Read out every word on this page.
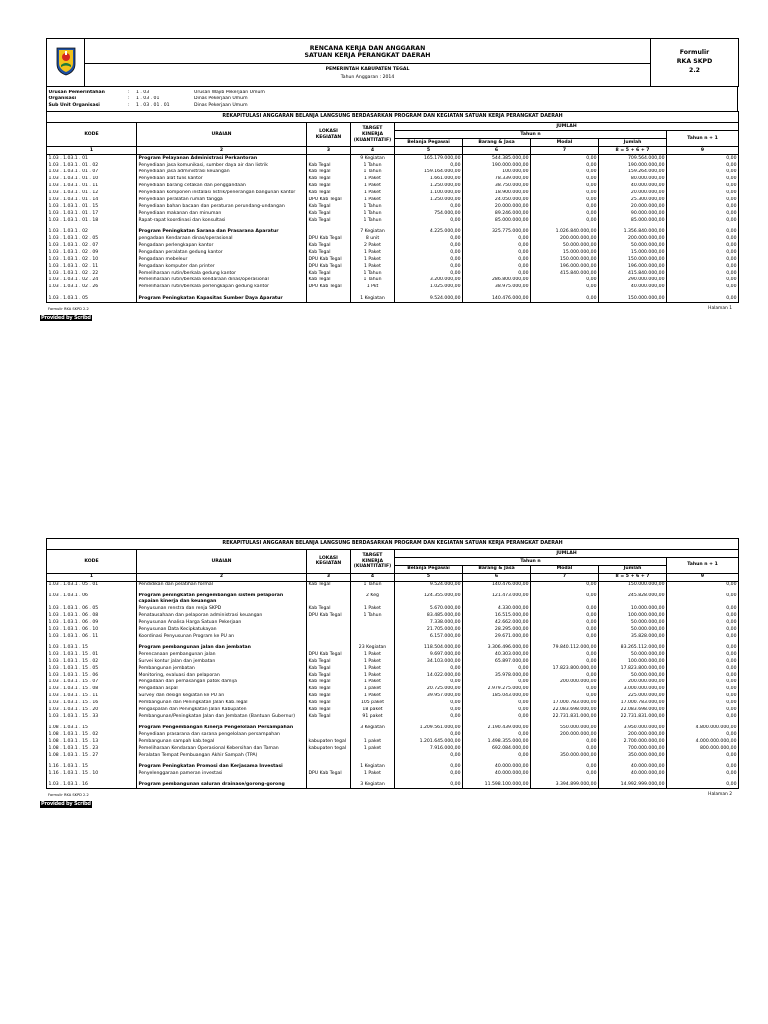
RENCANA KERJA DAN ANGGARAN
SATUAN KERJA PERANGKAT DAERAH
PEMERINTAH KABUPATEN TEGAL
Tahun Anggaran : 2014

Formulir
RKA SKPD
2.2

Urusan Pemerintahan	:	1 . 03	Urusan Wajib Pekerjaan Umum
Organisasi	:	1 . 03 . 01	Dinas Pekerjaan Umum
Sub Unit Organisasi	:	1 . 03 . 01 . 01	Dinas Pekerjaan Umum

REKAPITULASI ANGGARAN BELANJA LANGSUNG BERDASARKAN PROGRAM DAN KEGIATAN SATUAN KERJA PERANGKAT DAERAH								
KODE	URAIAN	LOKASI KEGIATAN	TARGET KINERJA (KUANTITATIF)	JUMLAH				
				Tahun n				Tahun n + 1
				Belanja Pegawai	Barang & Jasa	Modal	Jumlah	
1	2	3	4	5	6	7	8 = 5 + 6 + 7	9
1.03 . 1.03.1 . 01	Program Pelayanan Administrasi Perkantoran		9 Kegiatan	165.179.000,00	544.385.000,00	0,00	709.564.000,00	0,00
1.03 . 1.03.1 . 01 . 02	Penyediaan jasa komunikasi, sumber daya air dan listrik	Kab Tegal	1 Tahun	0,00	190.000.000,00	0,00	190.000.000,00	0,00
1.03 . 1.03.1 . 01 . 07	Penyediaan jasa administrasi keuangan	Kab Tegal	1 Tahun	159.164.000,00	100.000,00	0,00	159.264.000,00	0,00
1.03 . 1.03.1 . 01 . 10	Penyediaan alat tulis kantor	Kab Tegal	1 Paket	1.661.000,00	78.339.000,00	0,00	80.000.000,00	0,00
1.03 . 1.03.1 . 01 . 11	Penyediaan barang cetakan dan penggandaan	Kab Tegal	1 Paket	1.250.000,00	38.750.000,00	0,00	40.000.000,00	0,00
1.03 . 1.03.1 . 01 . 12	Penyediaan komponen instalasi listrik/penerangan bangunan kantor	Kab Tegal	1 Paket	1.100.000,00	18.900.000,00	0,00	20.000.000,00	0,00
1.03 . 1.03.1 . 01 . 14	Penyediaan peralatan rumah tangga	DPU Kab Tegal	1 Paket	1.250.000,00	24.050.000,00	0,00	25.300.000,00	0,00
1.03 . 1.03.1 . 01 . 15	Penyediaan bahan bacaan dan peraturan perundang-undangan	Kab Tegal	1 Tahun	0,00	20.000.000,00	0,00	20.000.000,00	0,00
1.03 . 1.03.1 . 01 . 17	Penyediaan makanan dan minuman	Kab Tegal	1 Tahun	754.000,00	89.246.000,00	0,00	90.000.000,00	0,00
1.03 . 1.03.1 . 01 . 18	Rapat-rapat koordinasi dan konsultasi	Kab Tegal	1 Tahun	0,00	85.000.000,00	0,00	85.000.000,00	0,00

1.03 . 1.03.1 . 02	Program Peningkatan Sarana dan Prasarana Aparatur		7 Kegiatan	4.225.000,00	325.775.000,00	1.026.840.000,00	1.356.840.000,00	0,00
1.03 . 1.03.1 . 02 . 05	pengadaan Kendaraan dinas/operasional	DPU Kab Tegal	8 unit	0,00	0,00	200.000.000,00	200.000.000,00	0,00
1.03 . 1.03.1 . 02 . 07	Pengadaan perlengkapan kantor	Kab Tegal	2 Paket	0,00	0,00	50.000.000,00	50.000.000,00	0,00
1.03 . 1.03.1 . 02 . 09	Pengadaan peralatan gedung kantor	Kab Tegal	1 Paket	0,00	0,00	15.000.000,00	15.000.000,00	0,00
1.03 . 1.03.1 . 02 . 10	Pengadaan mebeleur	DPU Kab Tegal	1 Paket	0,00	0,00	150.000.000,00	150.000.000,00	0,00
1.03 . 1.03.1 . 02 . 11	Pengadaan komputer dan printer	DPU Kab Tegal	1 Paket	0,00	0,00	196.000.000,00	196.000.000,00	0,00
1.03 . 1.03.1 . 02 . 22	Pemeliharaan rutin/berkala gedung kantor	Kab Tegal	1 Tahun	0,00	0,00	415.840.000,00	415.840.000,00	0,00
1.03 . 1.03.1 . 02 . 24	Pemeliharaan rutin/berkala kendaraan dinas/operasional	Kab Tegal	1 Tahun	3.200.000,00	286.800.000,00	0,00	290.000.000,00	0,00
1.03 . 1.03.1 . 02 . 26	Pemeliharaan rutin/berkala perlengkapan gedung kantor	DPU Kab Tegal	1 Pkt	1.025.000,00	38.975.000,00	0,00	40.000.000,00	0,00

1.03 . 1.03.1 . 05	Program Peningkatan Kapasitas Sumber Daya Aparatur		1 Kegiatan	9.524.000,00	140.476.000,00	0,00	150.000.000,00	0,00
Formulir RKA SKPD 2.2	Halaman 1
Provided by Scribd
REKAPITULASI ANGGARAN BELANJA LANGSUNG BERDASARKAN PROGRAM DAN KEGIATAN SATUAN KERJA PERANGKAT DAERAH								
KODE	URAIAN	LOKASI KEGIATAN	TARGET KINERJA (KUANTITATIF)	JUMLAH				
				Tahun n				Tahun n + 1
				Belanja Pegawai	Barang & Jasa	Modal	Jumlah	
1	2	3	4	5	6	7	8 = 5 + 6 + 7	9
1.03 . 1.03.1 . 05 . 01	Pendidikan dan pelatihan formal	Kab Tegal	1 Tahun	9.524.000,00	140.476.000,00	0,00	150.000.000,00	0,00

1.03 . 1.03.1 . 06	Program peningkatan pengembangan sistem pelaporan capaian kinerja dan keuangan		2 Keg	124.355.000,00	121.473.000,00	0,00	245.828.000,00	0,00
1.03 . 1.03.1 . 06 . 05	Penyusunan renstra dan renja SKPD	Kab Tegal	1 Paket	5.670.000,00	4.330.000,00	0,00	10.000.000,00	0,00
1.03 . 1.03.1 . 06 . 08	Penatausahaan dan pelaporan administrasi keuangan	DPU Kab Tegal	1 Tahun	83.485.000,00	16.515.000,00	0,00	100.000.000,00	0,00
1.03 . 1.03.1 . 06 . 09	Penyusunan Analisa Harga Satuan Pekerjaan			7.338.000,00	42.662.000,00	0,00	50.000.000,00	0,00
1.03 . 1.03.1 . 06 . 10	Penyusunan Data Kecipkatukayan			21.705.000,00	28.295.000,00	0,00	50.000.000,00	0,00
1.03 . 1.03.1 . 06 . 11	Koordinasi Penyusunan Program ke PU an			6.157.000,00	29.671.000,00	0,00	35.828.000,00	0,00

1.03 . 1.03.1 . 15	Program pembangunan jalan dan jembatan		23 Kegiatan	118.504.000,00	3.306.496.000,00	79.840.112.000,00	83.265.112.000,00	0,00
1.03 . 1.03.1 . 15 . 01	Perencanaan pembangunan jalan	DPU Kab Tegal	1 Paket	9.697.000,00	40.303.000,00	0,00	50.000.000,00	0,00
1.03 . 1.03.1 . 15 . 02	Survei kontur jalan dan jembatan	Kab Tegal	1 Paket	34.103.000,00	65.897.000,00	0,00	100.000.000,00	0,00
1.03 . 1.03.1 . 15 . 05	Pembangunan jembatan	Kab Tegal	1 Paket	0,00	0,00	17.823.800.000,00	17.823.800.000,00	0,00
1.03 . 1.03.1 . 15 . 06	Monitoring, evaluasi dan pelaporan	Kab Tegal	1 Paket	14.022.000,00	35.978.000,00	0,00	50.000.000,00	0,00
1.03 . 1.03.1 . 15 . 07	Pengadaan dan pemasangan patok damija	Kab Tegal	1 Paket	0,00	0,00	200.000.000,00	200.000.000,00	0,00
1.03 . 1.03.1 . 15 . 08	Pengadaan aspal	Kab Tegal	1 paket	20.725.000,00	2.979.275.000,00	0,00	3.000.000.000,00	0,00
1.03 . 1.03.1 . 15 . 11	Survey dan design kegiatan ke PU an	Kab Tegal	1 Paket	39.957.000,00	185.043.000,00	0,00	225.000.000,00	0,00
1.03 . 1.03.1 . 15 . 16	Pembangunan dan Peningkatan Jalan Kab.Tegal	Kab Tegal	105 paket	0,00	0,00	17.000.783.000,00	17.000.783.000,00	0,00
1.03 . 1.03.1 . 15 . 20	Pengaspalan dan Peningkatan Jalan Kabupaten	Kab Tegal	18 paket	0,00	0,00	22.083.698.000,00	22.083.698.000,00	0,00
1.03 . 1.03.1 . 15 . 33	Pembangunan/Peningkatan Jalan dan Jembatan (Bantuan Gubernur)	Kab Tegal	91 paket	0,00	0,00	22.731.831.000,00	22.731.831.000,00	0,00

1.08 . 1.03.1 . 15	Program Pengembangan Kinerja Pengelolaan Persampahan		3 Kegiatan	1.209.561.000,00	2.190.439.000,00	550.000.000,00	3.950.000.000,00	4.800.000.000,00
1.08 . 1.03.1 . 15 . 02	Penyediaan prasarana dan sarana pengelolaan persampahan			0,00	0,00	200.000.000,00	200.000.000,00	0,00
1.08 . 1.03.1 . 15 . 13	Pembangunan sampah kab.tegal	kabupaten tegal	1 paket	1.201.645.000,00	1.498.355.000,00	0,00	2.700.000.000,00	4.000.000.000,00
1.08 . 1.03.1 . 15 . 23	Pemeliharaan Kendaraan Operasional Kebersihan dan Taman	kabupaten tegal	1 paket	7.916.000,00	692.084.000,00	0,00	700.000.000,00	800.000.000,00
1.08 . 1.03.1 . 15 . 27	Peralatan Tempat Pembuangan Akhir Sampah (TPA)			0,00	0,00	350.000.000,00	350.000.000,00	0,00

1.16 . 1.03.1 . 15	Program Peningkatan Promosi dan Kerjasama Investasi		1 Kegiatan	0,00	40.000.000,00	0,00	40.000.000,00	0,00
1.16 . 1.03.1 . 15 . 10	Penyelenggaraan pameran investasi	DPU Kab Tegal	1 Paket	0,00	40.000.000,00	0,00	40.000.000,00	0,00

1.03 . 1.03.1 . 16	Program pembangunan saluran drainase/gorong-gorong		3 Kegiatan	0,00	11.598.100.000,00	3.394.899.000,00	14.992.999.000,00	0,00
Formulir RKA SKPD 2.2	Halaman 2
Provided by Scribd
